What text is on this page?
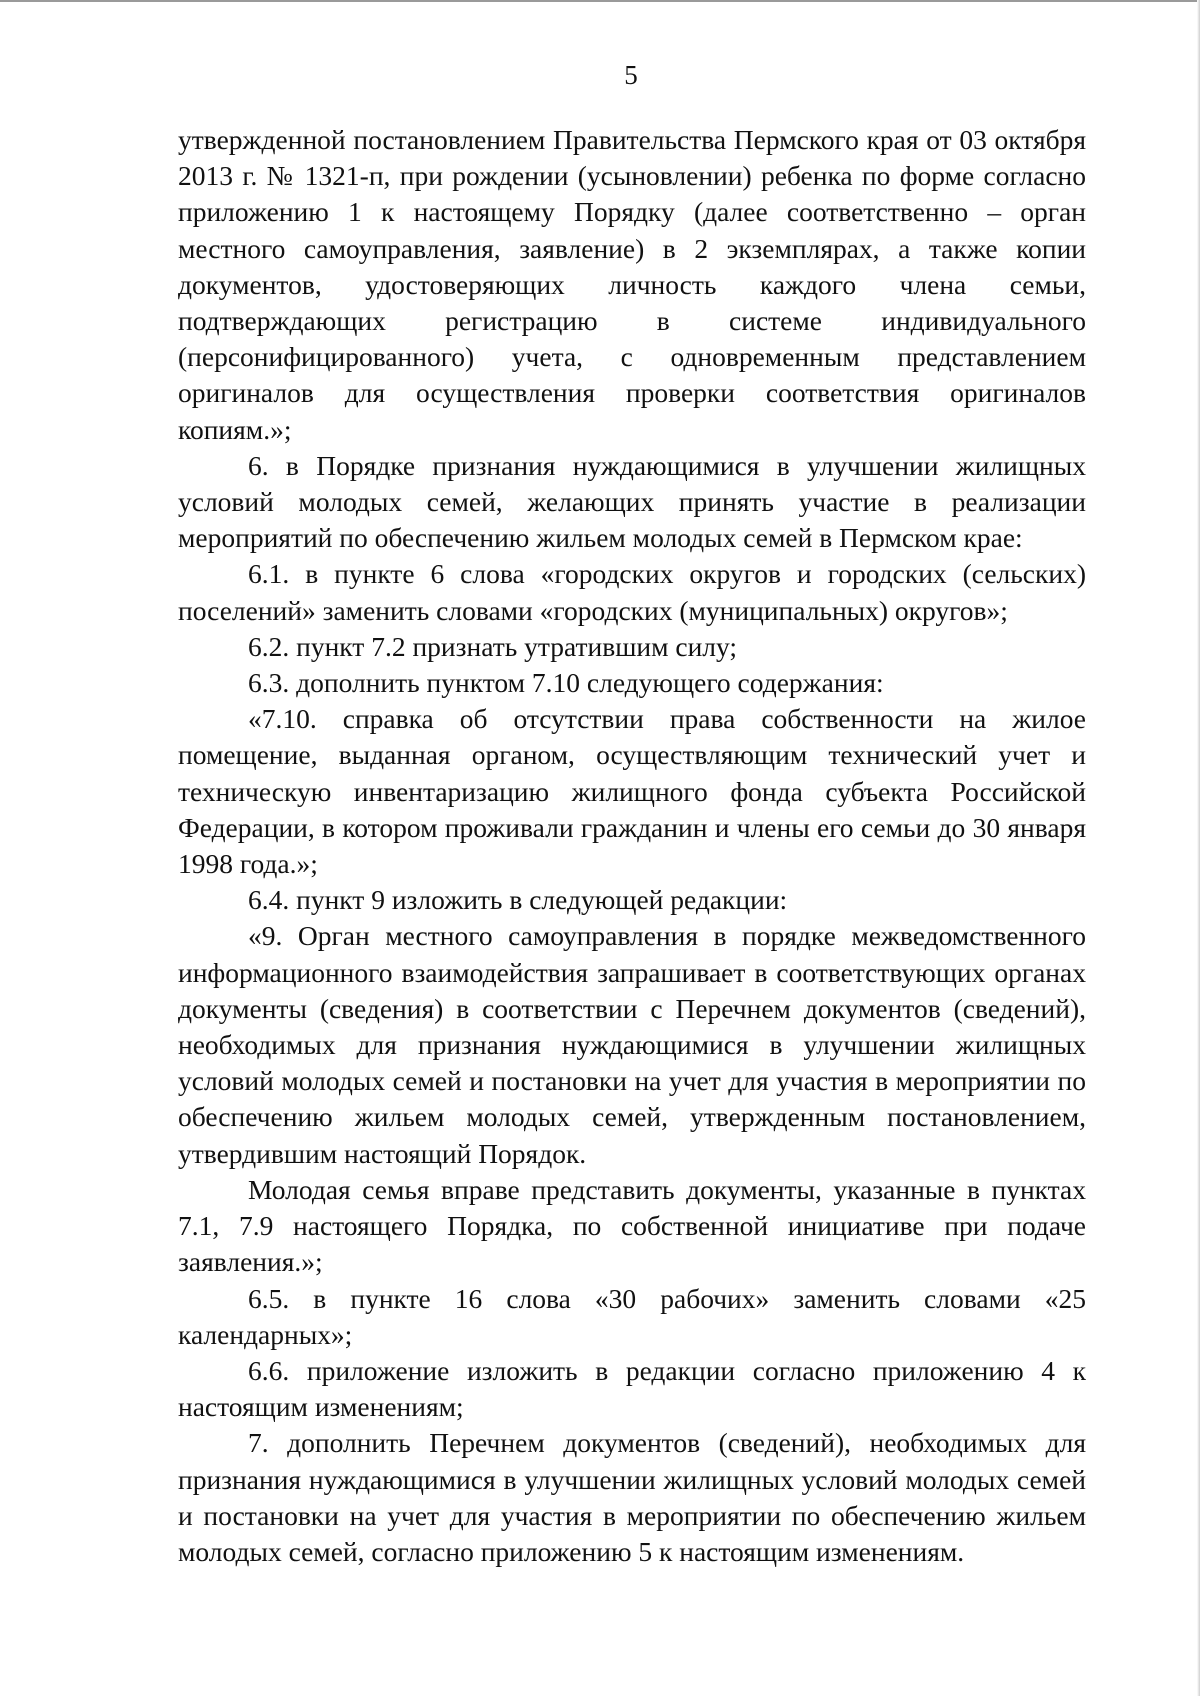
5

утвержденной постановлением Правительства Пермского края от 03 октября 2013 г. № 1321-п, при рождении (усыновлении) ребенка по форме согласно приложению 1 к настоящему Порядку (далее соответственно – орган местного самоуправления, заявление) в 2 экземплярах, а также копии документов, удостоверяющих личность каждого члена семьи, подтверждающих регистрацию в системе индивидуального (персонифицированного) учета, с одновременным представлением оригиналов для осуществления проверки соответствия оригиналов копиям.»;

6. в Порядке признания нуждающимися в улучшении жилищных условий молодых семей, желающих принять участие в реализации мероприятий по обеспечению жильем молодых семей в Пермском крае:

6.1. в пункте 6 слова «городских округов и городских (сельских) поселений» заменить словами «городских (муниципальных) округов»;

6.2. пункт 7.2 признать утратившим силу;

6.3. дополнить пунктом 7.10 следующего содержания:

«7.10. справка об отсутствии права собственности на жилое помещение, выданная органом, осуществляющим технический учет и техническую инвентаризацию жилищного фонда субъекта Российской Федерации, в котором проживали гражданин и члены его семьи до 30 января 1998 года.»;

6.4. пункт 9 изложить в следующей редакции:

«9. Орган местного самоуправления в порядке межведомственного информационного взаимодействия запрашивает в соответствующих органах документы (сведения) в соответствии с Перечнем документов (сведений), необходимых для признания нуждающимися в улучшении жилищных условий молодых семей и постановки на учет для участия в мероприятии по обеспечению жильем молодых семей, утвержденным постановлением, утвердившим настоящий Порядок.

Молодая семья вправе представить документы, указанные в пунктах 7.1, 7.9 настоящего Порядка, по собственной инициативе при подаче заявления.»;

6.5. в пункте 16 слова «30 рабочих» заменить словами «25 календарных»;

6.6. приложение изложить в редакции согласно приложению 4 к настоящим изменениям;

7. дополнить Перечнем документов (сведений), необходимых для признания нуждающимися в улучшении жилищных условий молодых семей и постановки на учет для участия в мероприятии по обеспечению жильем молодых семей, согласно приложению 5 к настоящим изменениям.
